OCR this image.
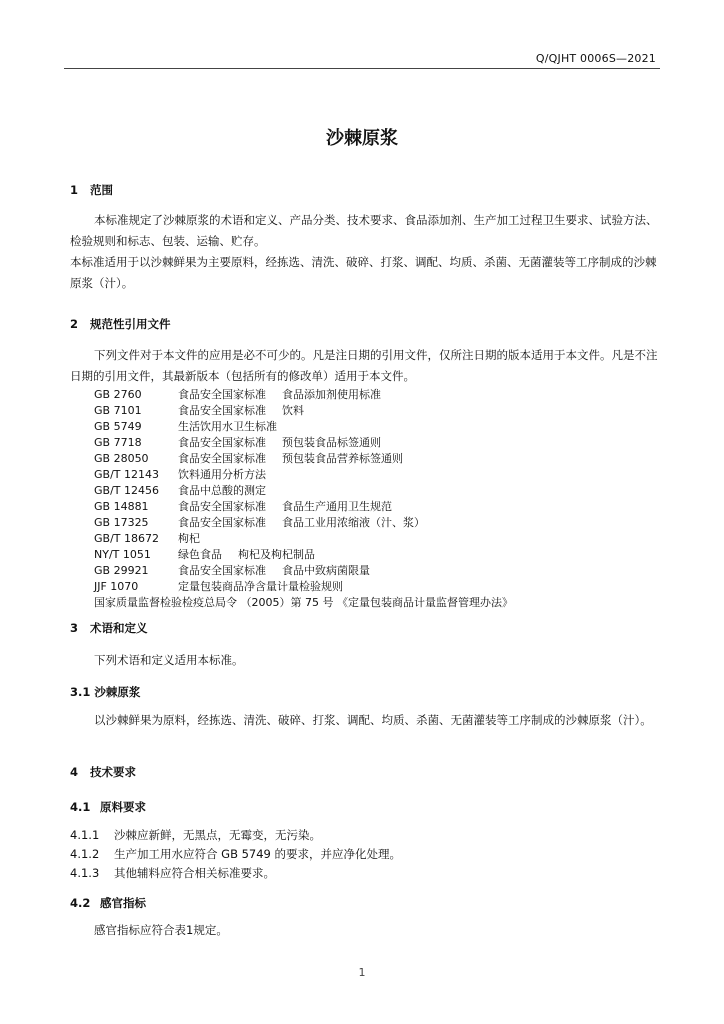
Q/QJHT 0006S—2021
沙棘原浆
1 范围
本标准规定了沙棘原浆的术语和定义、产品分类、技术要求、食品添加剂、生产加工过程卫生要求、试验方法、检验规则和标志、包装、运输、贮存。
本标准适用于以沙棘鲜果为主要原料，经拣选、清洗、破碎、打浆、调配、均质、杀菌、无菌灌装等工序制成的沙棘原浆（汁）。
2 规范性引用文件
下列文件对于本文件的应用是必不可少的。凡是注日期的引用文件，仅所注日期的版本适用于本文件。凡是不注日期的引用文件，其最新版本（包括所有的修改单）适用于本文件。
GB 2760	食品安全国家标准 食品添加剂使用标准
GB 7101	食品安全国家标准 饮料
GB 5749	生活饮用水卫生标准
GB 7718	食品安全国家标准 预包装食品标签通则
GB 28050	食品安全国家标准 预包装食品营养标签通则
GB/T 12143	饮料通用分析方法
GB/T 12456	食品中总酸的测定
GB 14881	食品安全国家标准 食品生产通用卫生规范
GB 17325	食品安全国家标准 食品工业用浓缩液（汁、浆）
GB/T 18672	枸杞
NY/T 1051	绿色食品 枸杞及枸杞制品
GB 29921	食品安全国家标准 食品中致病菌限量
JJF 1070	定量包装商品净含量计量检验规则
国家质量监督检验检疫总局令 （2005）第 75 号 《定量包装商品计量监督管理办法》
3 术语和定义
下列术语和定义适用本标准。
3.1 沙棘原浆
以沙棘鲜果为原料，经拣选、清洗、破碎、打浆、调配、均质、杀菌、无菌灌装等工序制成的沙棘原浆（汁）。
4 技术要求
4.1 原料要求
4.1.1 沙棘应新鲜，无黑点，无霉变，无污染。
4.1.2 生产加工用水应符合 GB 5749 的要求，并应净化处理。
4.1.3 其他辅料应符合相关标准要求。
4.2 感官指标
感官指标应符合表1规定。
1
